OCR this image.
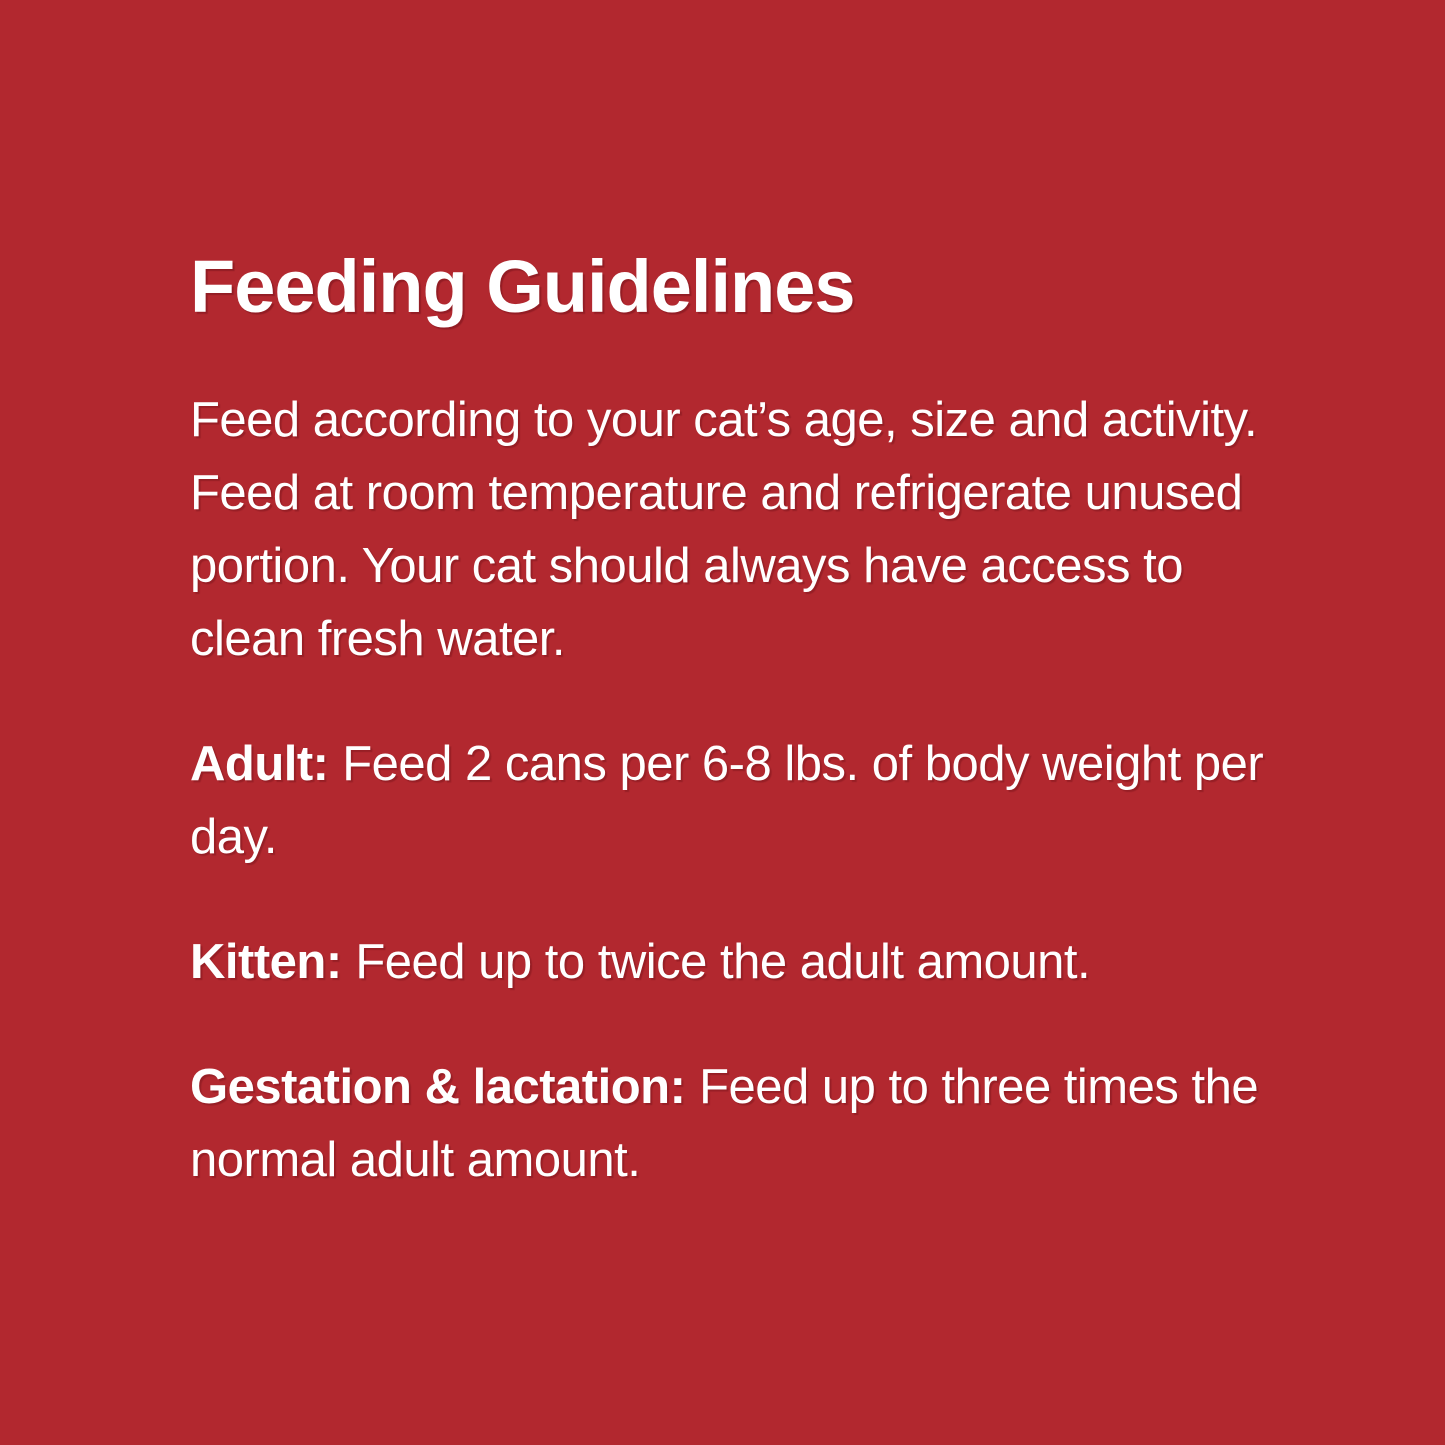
Feeding Guidelines

Feed according to your cat’s age, size and activity. Feed at room temperature and refrigerate unused portion. Your cat should always have access to clean fresh water.

Adult: Feed 2 cans per 6-8 lbs. of body weight per day.

Kitten: Feed up to twice the adult amount.

Gestation & lactation: Feed up to three times the normal adult amount.
